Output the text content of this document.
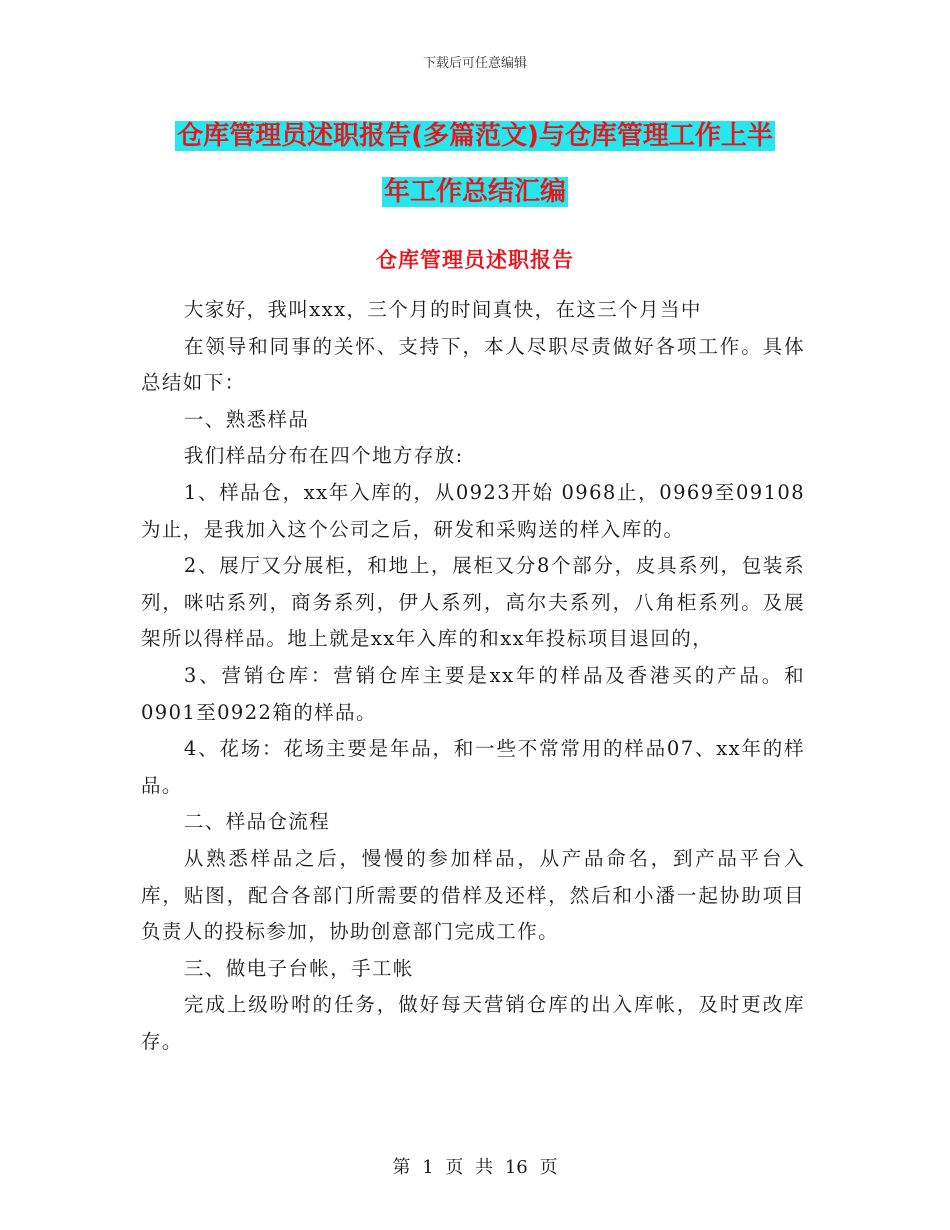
下载后可任意编辑
仓库管理员述职报告(多篇范文)与仓库管理工作上半
年工作总结汇编
仓库管理员述职报告

大家好，我叫xxx，三个月的时间真快，在这三个月当中

在领导和同事的关怀、支持下，本人尽职尽责做好各项工作。具体总结如下：

一、熟悉样品

我们样品分布在四个地方存放:

1、样品仓，xx年入库的，从0923开始 0968止，0969至09108为止，是我加入这个公司之后，研发和采购送的样入库的。

2、展厅又分展柜，和地上，展柜又分8个部分，皮具系列，包装系列，咪咕系列，商务系列，伊人系列，高尔夫系列，八角柜系列。及展架所以得样品。地上就是xx年入库的和xx年投标项目退回的，

3、营销仓库：营销仓库主要是xx年的样品及香港买的产品。和0901至0922箱的样品。

4、花场：花场主要是年品，和一些不常常用的样品07、xx年的样品。

二、样品仓流程

从熟悉样品之后，慢慢的参加样品，从产品命名，到产品平台入库，贴图，配合各部门所需要的借样及还样，然后和小潘一起协助项目负责人的投标参加，协助创意部门完成工作。

三、做电子台帐，手工帐

完成上级吩咐的任务，做好每天营销仓库的出入库帐，及时更改库存。

第 1 页 共 16 页
